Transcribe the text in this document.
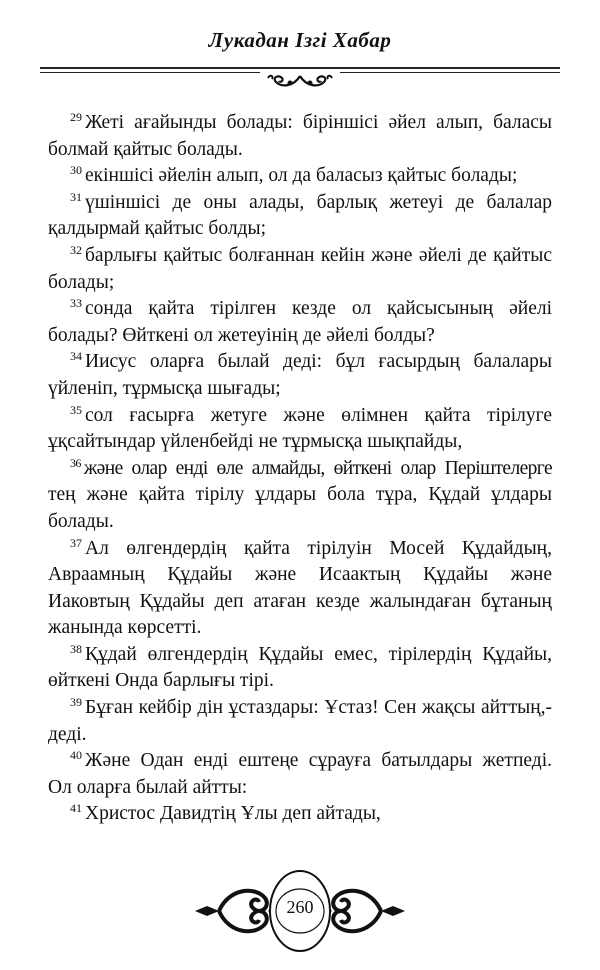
Лукадан Ізгі Хабар
$^{29}$ Жеті ағайынды болады: біріншісі әйел алып, баласы
болмай қайтыс болады.
$^{30}$ екіншісі әйелін алып, ол да баласыз қайтыс болады;
$^{31}$ үшіншісі де оны алады, барлық жетеуі де балалар
қалдырмай қайтыс болды;
$^{32}$ барлығы қайтыс болғаннан кейін және әйелі де қайтыс
болады;
$^{33}$ сонда қайта тірілген кезде ол қайсысының әйелі
болады? Өйткені ол жетеуінің де әйелі болды?
$^{34}$ Иисус оларға былай деді: бұл ғасырдың балалары
үйленіп, тұрмысқа шығады;
$^{35}$ сол ғасырға жетуге және өлімнен қайта тірілуге
ұқсайтындар үйленбейді не тұрмысқа шықпайды,
$^{36}$ және олар енді өле алмайды, өйткені олар Періштелерге
тең және қайта тірілу ұлдары бола тұра, Құдай ұлдары
болады.
$^{37}$ Ал өлгендердің қайта тірілуін Мосей Құдайдың,
Авраамның Құдайы және Исаактың Құдайы және
Иаковтың Құдайы деп атаған кезде жалындаған бұтаның
жанында көрсетті.
$^{38}$ Құдай өлгендердің Құдайы емес, тірілердің Құдайы,
өйткені Онда барлығы тірі.
$^{39}$ Бұған кейбір дін ұстаздары: Ұстаз! Сен жақсы айттың,-
деді.
$^{40}$ Және Одан енді ештеңе сұрауға батылдары жетпеді.
Ол оларға былай айтты:
$^{41}$ Христос Давидтің Ұлы деп айтады,
260
